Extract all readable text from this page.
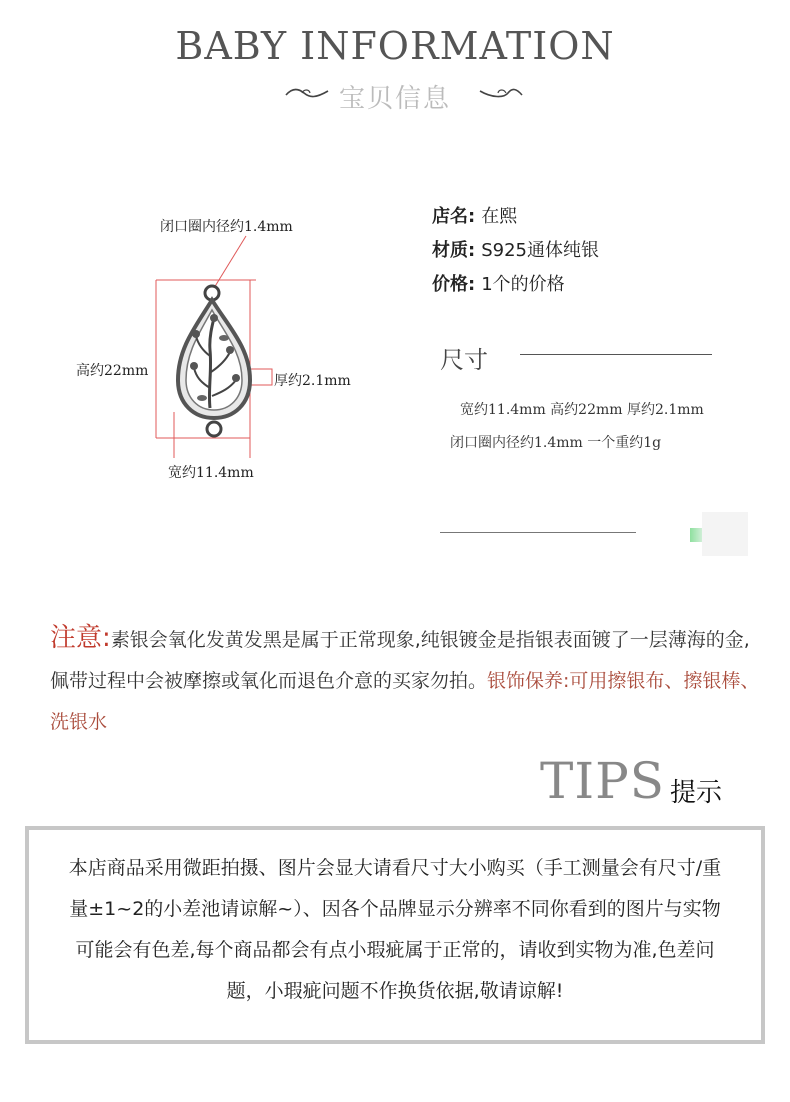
BABY INFORMATION
宝贝信息
闭口圈内径约1.4mm
高约22mm
厚约2.1mm
宽约11.4mm
店名: 在熙
材质: S925通体纯银
价格: 1个的价格
尺寸
宽约11.4mm 高约22mm 厚约2.1mm 闭口圈内径约1.4mm 一个重约1g
注意:素银会氧化发黄发黑是属于正常现象,纯银镀金是指银表面镀了一层薄海的金,佩带过程中会被摩擦或氧化而退色介意的买家勿拍。银饰保养:可用擦银布、擦银棒、洗银水
TIPS 提示
本店商品采用微距拍摄、图片会显大请看尺寸大小购买（手工测量会有尺寸/重量±1~2的小差池请谅解~）、因各个品牌显示分辨率不同你看到的图片与实物可能会有色差,每个商品都会有点小瑕疵属于正常的，请收到实物为准,色差问题，小瑕疵问题不作换货依据,敬请谅解!
